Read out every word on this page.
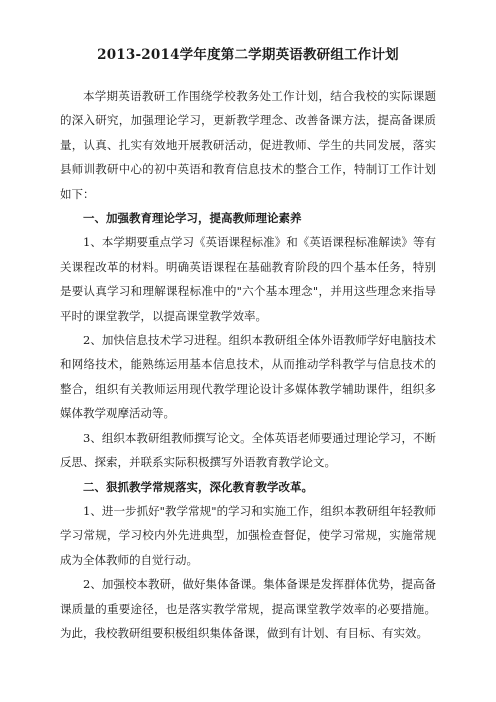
2013-2014学年度第二学期英语教研组工作计划

本学期英语教研工作围绕学校教务处工作计划，结合我校的实际课题的深入研究，加强理论学习，更新教学理念、改善备课方法，提高备课质量，认真、扎实有效地开展教研活动，促进教师、学生的共同发展，落实县师训教研中心的初中英语和教育信息技术的整合工作，特制订工作计划如下：

一、加强教育理论学习，提高教师理论素养

1、本学期要重点学习《英语课程标准》和《英语课程标准解读》等有关课程改革的材料。明确英语课程在基础教育阶段的四个基本任务，特别是要认真学习和理解课程标准中的"六个基本理念"，并用这些理念来指导平时的课堂教学，以提高课堂教学效率。

2、加快信息技术学习进程。组织本教研组全体外语教师学好电脑技术和网络技术，能熟练运用基本信息技术，从而推动学科教学与信息技术的整合，组织有关教师运用现代教学理论设计多媒体教学辅助课件，组织多媒体教学观摩活动等。

3、组织本教研组教师撰写论文。全体英语老师要通过理论学习，不断反思、探索，并联系实际积极撰写外语教育教学论文。

二、狠抓教学常规落实，深化教育教学改革。

1、进一步抓好"教学常规"的学习和实施工作，组织本教研组年轻教师学习常规，学习校内外先进典型，加强检查督促，使学习常规，实施常规成为全体教师的自觉行动。

2、加强校本教研，做好集体备课。集体备课是发挥群体优势，提高备课质量的重要途径，也是落实教学常规，提高课堂教学效率的必要措施。为此，我校教研组要积极组织集体备课，做到有计划、有目标、有实效。
